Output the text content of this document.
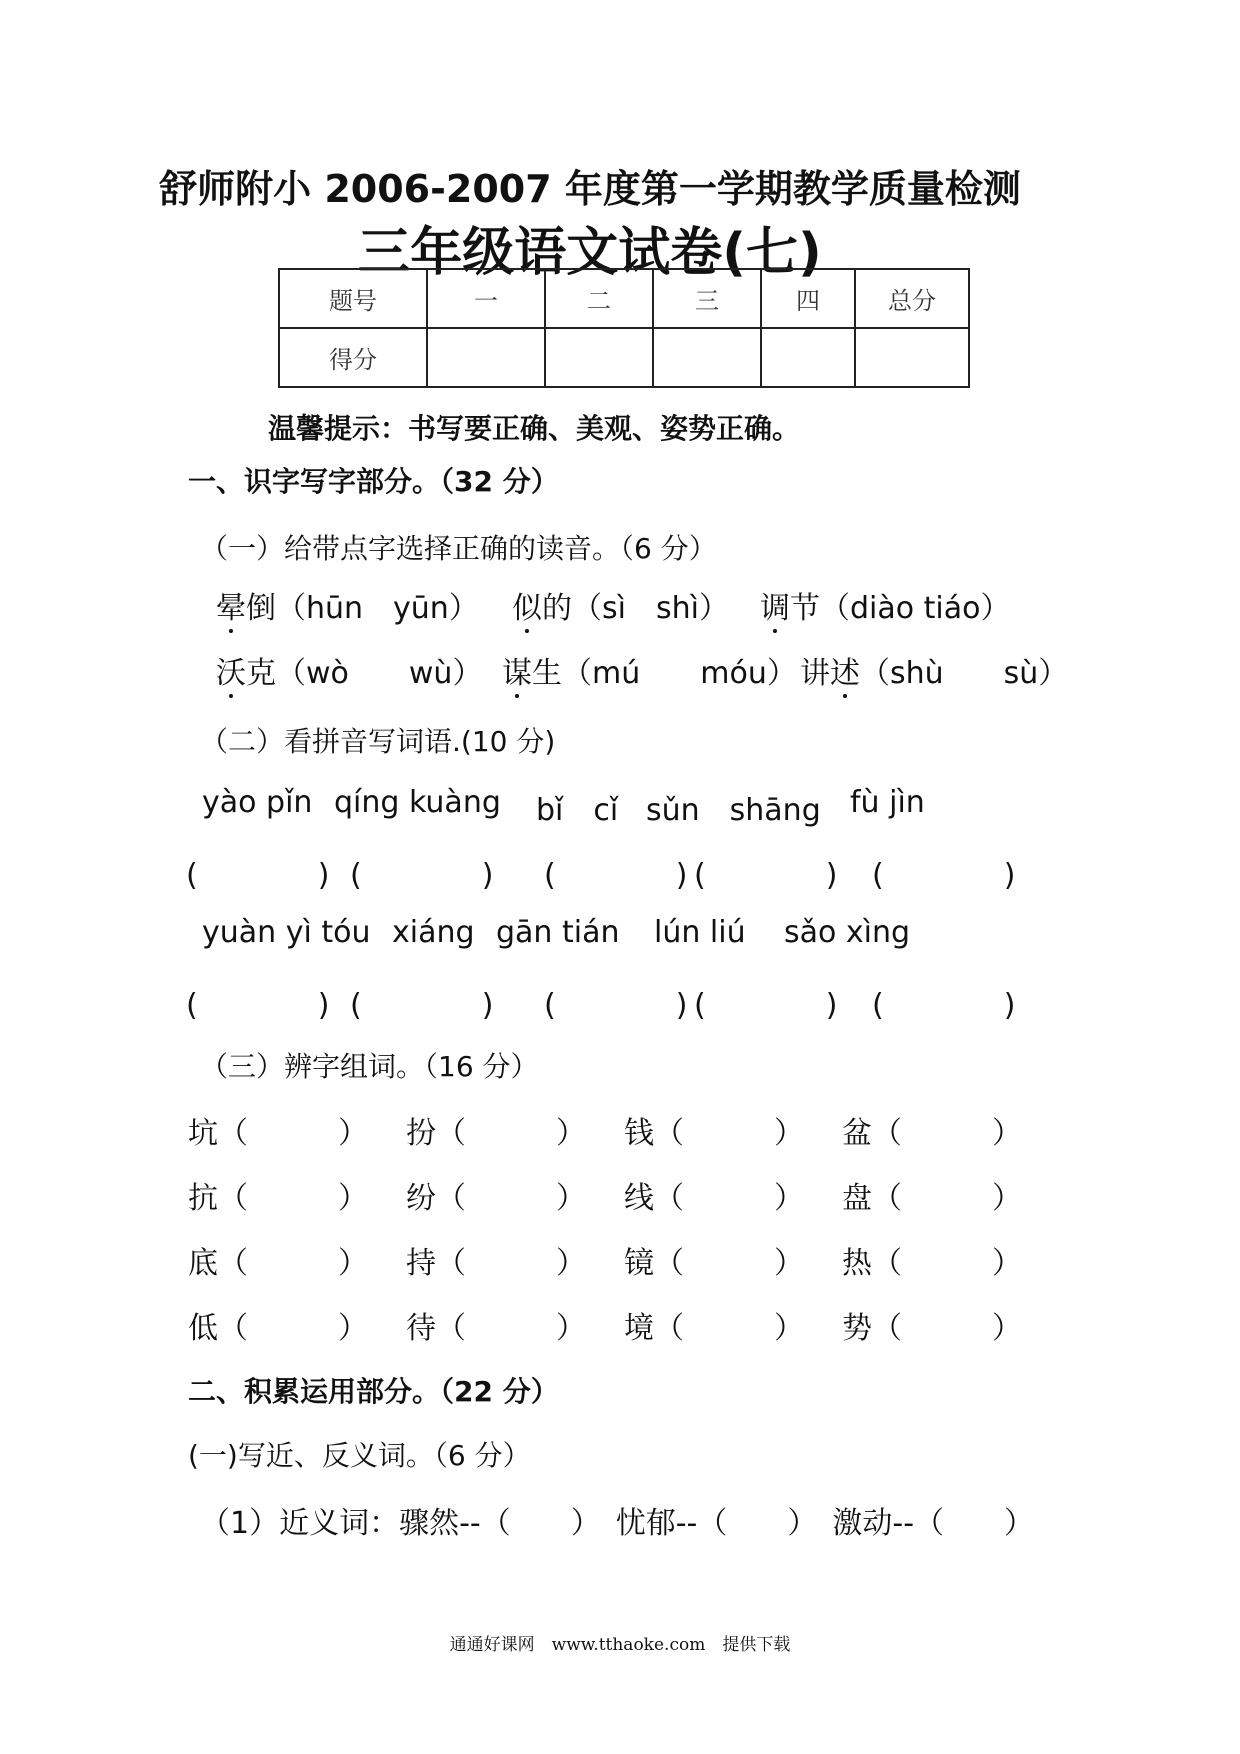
舒师附小 2006-2007 年度第一学期教学质量检测
三年级语文试卷(七)
题号	一	二	三	四	总分
得分					
温馨提示：书写要正确、美观、姿势正确。
一、识字写字部分。（32 分）
（一）给带点字选择正确的读音。（6 分）
晕倒（hūn　yūn） 似的（sì　shì） 调节（diào tiáo）
沃克（wò　　wù） 谋生（mú　　móu） 讲述（shù　　sù）
（二）看拼音写词语.(10 分)
yào pǐn qíng kuàng bǐ　cǐ sǔn　shāng fù jìn
(　　　　) (　　　　) (　　　　) (　　　　) (　　　　)
yuàn yì tóu xiáng gān tián lún liú sǎo xìng
(　　　　) (　　　　) (　　　　) (　　　　) (　　　　)
（三）辨字组词。（16 分）
坑（　　　） 扮（　　　） 钱（　　　） 盆（　　　）
抗（　　　） 纷（　　　） 线（　　　） 盘（　　　）
底（　　　） 持（　　　） 镜（　　　） 热（　　　）
低（　　　） 待（　　　） 境（　　　） 势（　　　）
二、积累运用部分。（22 分）
(一)写近、反义词。（6 分）
（1）近义词：骤然--（　　）　忧郁--（　　）　激动--（　　）
通通好课网　www.tthaoke.com　提供下载
